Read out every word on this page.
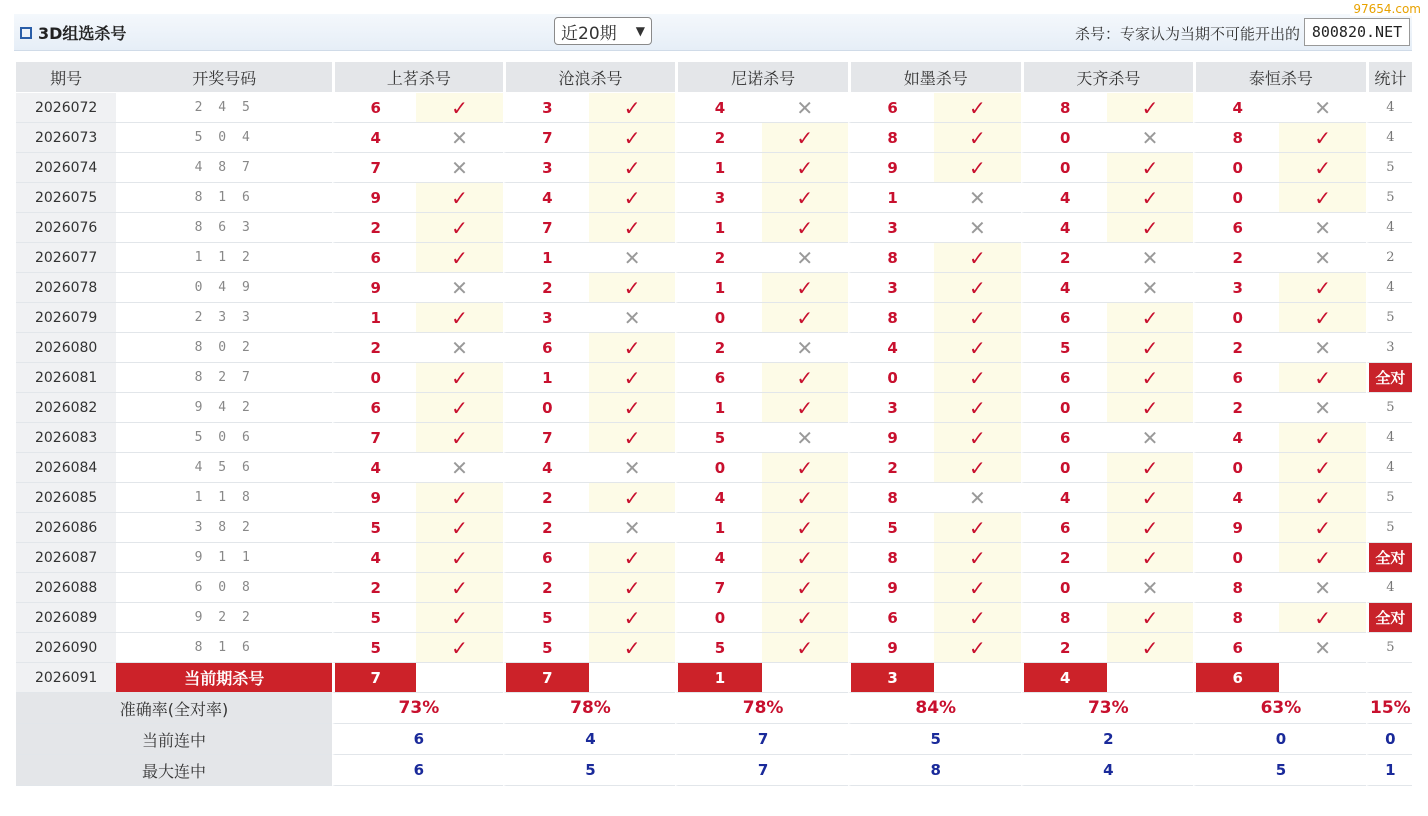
3D组选杀号	近20期 ▼	杀号：专家认为当期不可能开出的 800820.NET
97654.com
期号	开奖号码	上茗杀号		沧浪杀号		尼诺杀号		如墨杀号		天齐杀号		泰恒杀号		统计
2026072	2 4 5	6	✓	3	✓	4	✕	6	✓	8	✓	4	✕	4
2026073	5 0 4	4	✕	7	✓	2	✓	8	✓	0	✕	8	✓	4
2026074	4 8 7	7	✕	3	✓	1	✓	9	✓	0	✓	0	✓	5
2026075	8 1 6	9	✓	4	✓	3	✓	1	✕	4	✓	0	✓	5
2026076	8 6 3	2	✓	7	✓	1	✓	3	✕	4	✓	6	✕	4
2026077	1 1 2	6	✓	1	✕	2	✕	8	✓	2	✕	2	✕	2
2026078	0 4 9	9	✕	2	✓	1	✓	3	✓	4	✕	3	✓	4
2026079	2 3 3	1	✓	3	✕	0	✓	8	✓	6	✓	0	✓	5
2026080	8 0 2	2	✕	6	✓	2	✕	4	✓	5	✓	2	✕	3
2026081	8 2 7	0	✓	1	✓	6	✓	0	✓	6	✓	6	✓	全对
2026082	9 4 2	6	✓	0	✓	1	✓	3	✓	0	✓	2	✕	5
2026083	5 0 6	7	✓	7	✓	5	✕	9	✓	6	✕	4	✓	4
2026084	4 5 6	4	✕	4	✕	0	✓	2	✓	0	✓	0	✓	4
2026085	1 1 8	9	✓	2	✓	4	✓	8	✕	4	✓	4	✓	5
2026086	3 8 2	5	✓	2	✕	1	✓	5	✓	6	✓	9	✓	5
2026087	9 1 1	4	✓	6	✓	4	✓	8	✓	2	✓	0	✓	全对
2026088	6 0 8	2	✓	2	✓	7	✓	9	✓	0	✕	8	✕	4
2026089	9 2 2	5	✓	5	✓	0	✓	6	✓	8	✓	8	✓	全对
2026090	8 1 6	5	✓	5	✓	5	✓	9	✓	2	✓	6	✕	5
2026091	当前期杀号	7		7		1		3		4		6		
准确率(全对率)		73%		78%		78%		84%		73%		63%		15%
当前连中		6		4		7		5		2		0		0
最大连中		6		5		7		8		4		5		1
